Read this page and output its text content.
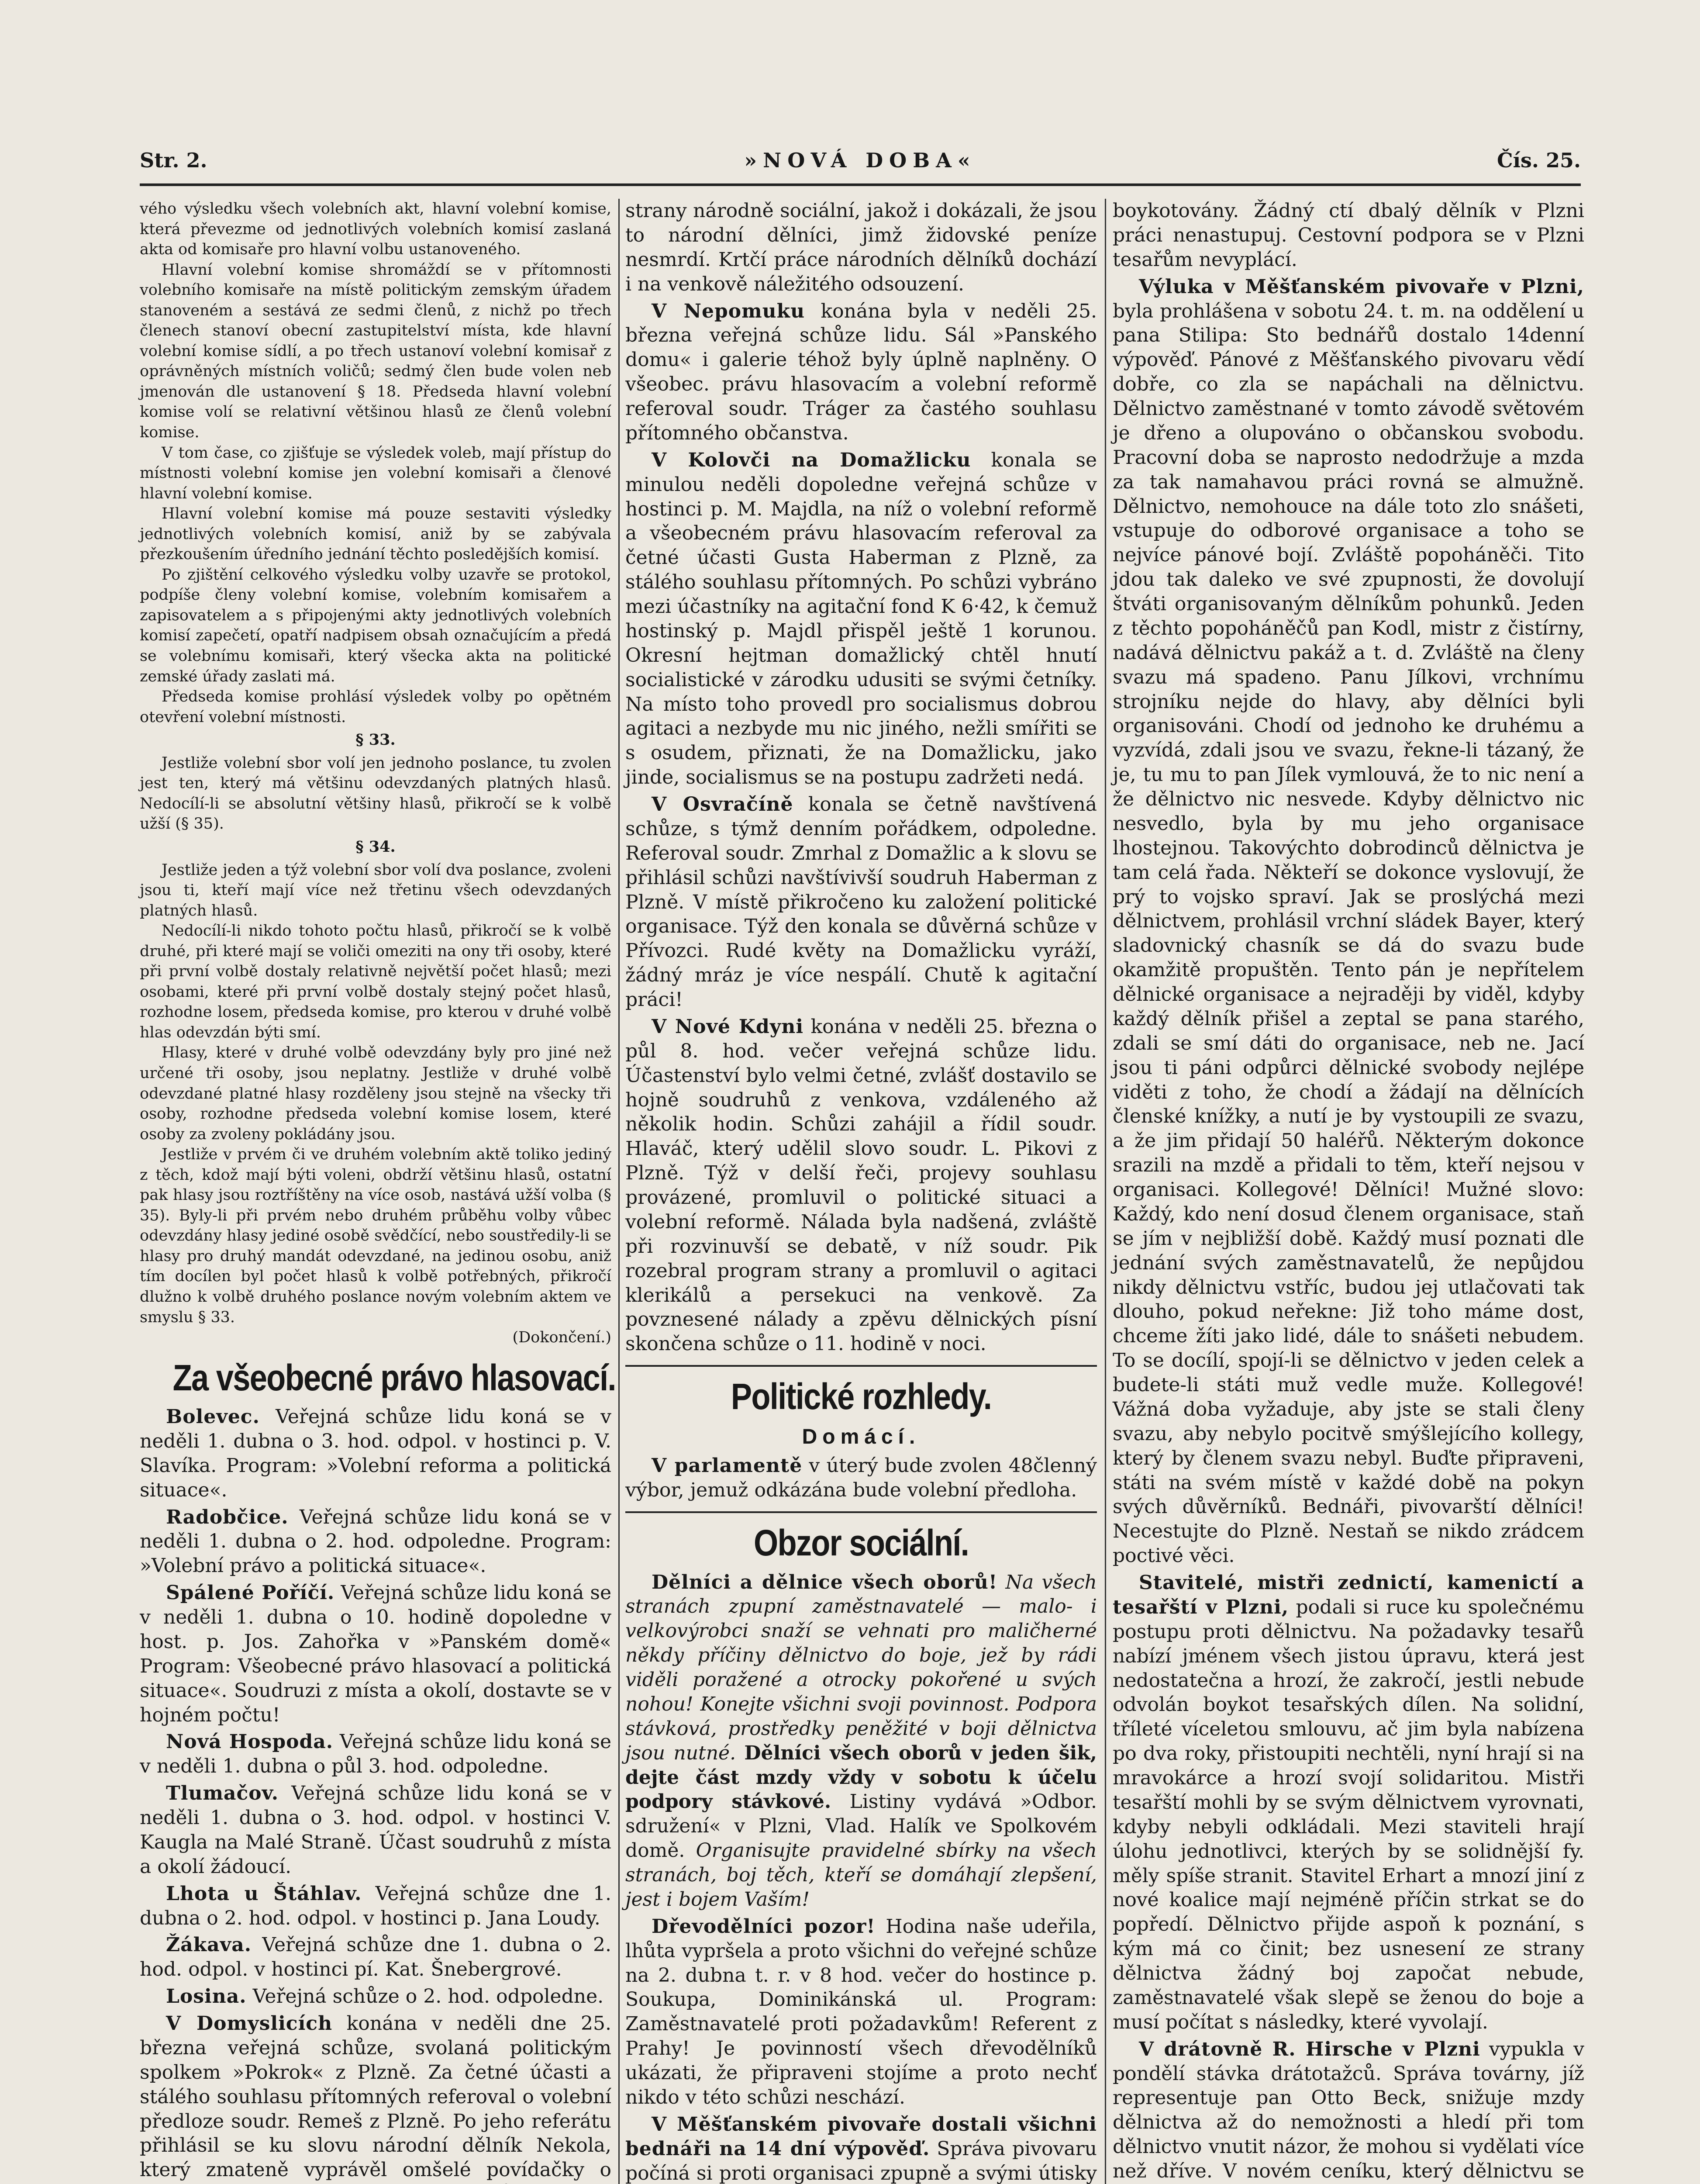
»NOVÁ DOBA«
Str. 2.	Čís. 25.

vého výsledku všech volebních akt, hlavní volební komise, která převezme od jednotlivých volebních komisí zaslaná akta od komisaře pro hlavní volbu ustanoveného.

Hlavní volební komise shromáždí se v přítomnosti volebního komisaře na místě politickým zemským úřadem stanoveném a sestává ze sedmi členů, z nichž po třech členech stanoví obecní zastupitelství místa, kde hlavní volební komise sídlí, a po třech ustanoví volební komisař z oprávněných místních voličů; sedmý člen bude volen neb jmenován dle ustanovení § 18. Předseda hlavní volební komise volí se relativní většinou hlasů ze členů volební komise.

V tom čase, co zjišťuje se výsledek voleb, mají přístup do místnosti volební komise jen volební komisaři a členové hlavní volební komise.

Hlavní volební komise má pouze sestaviti výsledky jednotlivých volebních komisí, aniž by se zabývala přezkoušením úředního jednání těchto posledějších komisí.

Po zjištění celkového výsledku volby uzavře se protokol, podpíše členy volební komise, volebním komisařem a zapisovatelem a s připojenými akty jednotlivých volebních komisí zapečetí, opatří nadpisem obsah označujícím a předá se volebnímu komisaři, který všecka akta na politické zemské úřady zaslati má.

Předseda komise prohlásí výsledek volby po opětném otevření volební místnosti.

§ 33.

Jestliže volební sbor volí jen jednoho poslance, tu zvolen jest ten, který má většinu odevzdaných platných hlasů. Nedocílí-li se absolutní většiny hlasů, přikročí se k volbě užší (§ 35).

§ 34.

Jestliže jeden a týž volební sbor volí dva poslance, zvoleni jsou ti, kteří mají více než třetinu všech odevzdaných platných hlasů.

Nedocílí-li nikdo tohoto počtu hlasů, přikročí se k volbě druhé, při které mají se voliči omeziti na ony tři osoby, které při první volbě dostaly relativně největší počet hlasů; mezi osobami, které při první volbě dostaly stejný počet hlasů, rozhodne losem, předseda komise, pro kterou v druhé volbě hlas odevzdán býti smí.

Hlasy, které v druhé volbě odevzdány byly pro jiné než určené tři osoby, jsou neplatny. Jestliže v druhé volbě odevzdané platné hlasy rozděleny jsou stejně na všecky tři osoby, rozhodne předseda volební komise losem, které osoby za zvoleny pokládány jsou.

Jestliže v prvém či ve druhém volebním aktě toliko jediný z těch, kdož mají býti voleni, obdrží většinu hlasů, ostatní pak hlasy jsou roztříštěny na více osob, nastává užší volba (§ 35). Byly-li při prvém nebo druhém průběhu volby vůbec odevzdány hlasy jediné osobě svědčící, nebo soustředily-li se hlasy pro druhý mandát odevzdané, na jedinou osobu, aniž tím docílen byl počet hlasů k volbě potřebných, přikročí dlužno k volbě druhého poslance novým volebním aktem ve smyslu § 33.

(Dokončení.)

Za všeobecné právo hlasovací.

Bolevec. Veřejná schůze lidu koná se v neděli 1. dubna o 3. hod. odpol. v hostinci p. V. Slavíka. Program: »Volební reforma a politická situace«.

Radobčice. Veřejná schůze lidu koná se v neděli 1. dubna o 2. hod. odpoledne. Program: »Volební právo a politická situace«.

Spálené Poříčí. Veřejná schůze lidu koná se v neděli 1. dubna o 10. hodině dopoledne v host. p. Jos. Zahořka v »Panském domě« Program: Všeobecné právo hlasovací a politická situace«. Soudruzi z místa a okolí, dostavte se v hojném počtu!

Nová Hospoda. Veřejná schůze lidu koná se v neděli 1. dubna o půl 3. hod. odpoledne.

Tlumačov. Veřejná schůze lidu koná se v neděli 1. dubna o 3. hod. odpol. v hostinci V. Kaugla na Malé Straně. Účast soudruhů z místa a okolí žádoucí.

Lhota u Štáhlav. Veřejná schůze dne 1. dubna o 2. hod. odpol. v hostinci p. Jana Loudy.

Žákava. Veřejná schůze dne 1. dubna o 2. hod. odpol. v hostinci pí. Kat. Šnebergrové.

Losina. Veřejná schůze o 2. hod. odpoledne.

V Domyslicích konána v neděli dne 25. března veřejná schůze, svolaná politickým spolkem »Pokrok« z Plzně. Za četné účasti a stálého souhlasu přítomných referoval o volební předloze soudr. Remeš z Plzně. Po jeho referátu přihlásil se ku slovu národní dělník Nekola, který zmateně vyprávěl omšelé povídačky o

strany národně sociální, jakož i dokázali, že jsou to národní dělníci, jimž židovské peníze nesmrdí. Krtčí práce národních dělníků dochází i na venkově náležitého odsouzení.

V Nepomuku konána byla v neděli 25. března veřejná schůze lidu. Sál »Panského domu« i galerie téhož byly úplně naplněny. O všeobec. právu hlasovacím a volební reformě referoval soudr. Tráger za častého souhlasu přítomného občanstva.

V Kolovči na Domažlicku konala se minulou neděli dopoledne veřejná schůze v hostinci p. M. Majdla, na níž o volební reformě a všeobecném právu hlasovacím referoval za četné účasti Gusta Haberman z Plzně, za stálého souhlasu přítomných. Po schůzi vybráno mezi účastníky na agitační fond K 6·42, k čemuž hostinský p. Majdl přispěl ještě 1 korunou. Okresní hejtman domažlický chtěl hnutí socialistické v zárodku udusiti se svými četníky. Na místo toho provedl pro socialismus dobrou agitaci a nezbyde mu nic jiného, nežli smířiti se s osudem, přiznati, že na Domažlicku, jako jinde, socialismus se na postupu zadržeti nedá.

V Osvračíně konala se četně navštívená schůze, s týmž denním pořádkem, odpoledne. Referoval soudr. Zmrhal z Domažlic a k slovu se přihlásil schůzi navštívivší soudruh Haberman z Plzně. V místě přikročeno ku založení politické organisace. Týž den konala se důvěrná schůze v Přívozci. Rudé květy na Domažlicku vyráží, žádný mráz je více nespálí. Chutě k agitační práci!

V Nové Kdyni konána v neděli 25. března o půl 8. hod. večer veřejná schůze lidu. Účastenství bylo velmi četné, zvlášť dostavilo se hojně soudruhů z venkova, vzdáleného až několik hodin. Schůzi zahájil a řídil soudr. Hlaváč, který udělil slovo soudr. L. Pikovi z Plzně. Týž v delší řeči, projevy souhlasu provázené, promluvil o politické situaci a volební reformě. Nálada byla nadšená, zvláště při rozvinuvší se debatě, v níž soudr. Pik rozebral program strany a promluvil o agitaci klerikálů a persekuci na venkově. Za povznesené nálady a zpěvu dělnických písní skončena schůze o 11. hodině v noci.

Politické rozhledy.
Domácí.

V parlamentě v úterý bude zvolen 48členný výbor, jemuž odkázána bude volební předloha.

Obzor sociální.

Dělníci a dělnice všech oborů! Na všech stranách zpupní zaměstnavatelé — malo- i velkovýrobci snaží se vehnati pro maličherné někdy příčiny dělnictvo do boje, jež by rádi viděli poražené a otrocky pokořené u svých nohou! Konejte všichni svoji povinnost. Podpora stávková, prostředky peněžité v boji dělnictva jsou nutné. Dělníci všech oborů v jeden šik, dejte část mzdy vždy v sobotu k účelu podpory stávkové. Listiny vydává »Odbor. sdružení« v Plzni, Vlad. Halík ve Spolkovém domě. Organisujte pravidelné sbírky na všech stranách, boj těch, kteří se domáhají zlepšení, jest i bojem Vaším!

Dřevodělníci pozor! Hodina naše udeřila, lhůta vypršela a proto všichni do veřejné schůze na 2. dubna t. r. v 8 hod. večer do hostince p. Soukupa, Dominikánská ul. Program: Zaměstnavatelé proti požadavkům! Referent z Prahy! Je povinností všech dřevodělníků ukázati, že připraveni stojíme a proto nechť nikdo v této schůzi neschází.

V Měšťanském pivovaře dostali všichni bednáři na 14 dní výpověď. Správa pivovaru počíná si proti organisaci zpupně a svými útisky

boykotovány. Žádný ctí dbalý dělník v Plzni práci nenastupuj. Cestovní podpora se v Plzni tesařům nevyplácí.

Výluka v Měšťanském pivovaře v Plzni, byla prohlášena v sobotu 24. t. m. na oddělení u pana Stilipa: Sto bednářů dostalo 14denní výpověď. Pánové z Měšťanského pivovaru vědí dobře, co zla se napáchali na dělnictvu. Dělnictvo zaměstnané v tomto závodě světovém je dřeno a olupováno o občanskou svobodu. Pracovní doba se naprosto nedodržuje a mzda za tak namahavou práci rovná se almužně. Dělnictvo, nemohouce na dále toto zlo snášeti, vstupuje do odborové organisace a toho se nejvíce pánové bojí. Zvláště popoháněči. Tito jdou tak daleko ve své zpupnosti, že dovolují štváti organisovaným dělníkům pohunků. Jeden z těchto popoháněčů pan Kodl, mistr z čistírny, nadává dělnictvu pakáž a t. d. Zvláště na členy svazu má spadeno. Panu Jílkovi, vrchnímu strojníku nejde do hlavy, aby dělníci byli organisováni. Chodí od jednoho ke druhému a vyzvídá, zdali jsou ve svazu, řekne-li tázaný, že je, tu mu to pan Jílek vymlouvá, že to nic není a že dělnictvo nic nesvede. Kdyby dělnictvo nic nesvedlo, byla by mu jeho organisace lhostejnou. Takovýchto dobrodinců dělnictva je tam celá řada. Někteří se dokonce vyslovují, že prý to vojsko spraví. Jak se proslýchá mezi dělnictvem, prohlásil vrchní sládek Bayer, který sladovnický chasník se dá do svazu bude okamžitě propuštěn. Tento pán je nepřítelem dělnické organisace a nejraději by viděl, kdyby každý dělník přišel a zeptal se pana starého, zdali se smí dáti do organisace, neb ne. Jací jsou ti páni odpůrci dělnické svobody nejlépe viděti z toho, že chodí a žádají na dělnících členské knížky, a nutí je by vystoupili ze svazu, a že jim přidají 50 haléřů. Některým dokonce srazili na mzdě a přidali to těm, kteří nejsou v organisaci. Kollegové! Dělníci! Mužné slovo: Každý, kdo není dosud členem organisace, staň se jím v nejbližší době. Každý musí poznati dle jednání svých zaměstnavatelů, že nepůjdou nikdy dělnictvu vstříc, budou jej utlačovati tak dlouho, pokud neřekne: Již toho máme dost, chceme žíti jako lidé, dále to snášeti nebudem. To se docílí, spojí-li se dělnictvo v jeden celek a budete-li státi muž vedle muže. Kollegové! Vážná doba vyžaduje, aby jste se stali členy svazu, aby nebylo pocitvě smýšlejícího kollegy, který by členem svazu nebyl. Buďte připraveni, státi na svém místě v každé době na pokyn svých důvěrníků. Bednáři, pivovarští dělníci! Necestujte do Plzně. Nestaň se nikdo zrádcem poctivé věci.

Stavitelé, mistři zednictí, kamenictí a tesařští v Plzni, podali si ruce ku společnému postupu proti dělnictvu. Na požadavky tesařů nabízí jménem všech jistou úpravu, která jest nedostatečna a hrozí, že zakročí, jestli nebude odvolán boykot tesařských dílen. Na solidní, tříleté víceletou smlouvu, ač jim byla nabízena po dva roky, přistoupiti nechtěli, nyní hrají si na mravokárce a hrozí svojí solidaritou. Mistři tesařští mohli by se svým dělnictvem vyrovnati, kdyby nebyli odkládali. Mezi staviteli hrají úlohu jednotlivci, kterých by se solidnější fy. měly spíše stranit. Stavitel Erhart a mnozí jiní z nové koalice mají nejméně příčin strkat se do popředí. Dělnictvo přijde aspoň k poznání, s kým má co činit; bez usnesení ze strany dělnictva žádný boj započat nebude, zaměstnavatelé však slepě se ženou do boje a musí počítat s následky, které vyvolají.

V drátovně R. Hirsche v Plzni vypukla v pondělí stávka drátotažců. Správa továrny, jíž representuje pan Otto Beck, snižuje mzdy dělnictva až do nemožnosti a hledí při tom dělnictvo vnutit názor, že mohou si vydělati více než dříve. V novém ceníku, který dělnictvu se
